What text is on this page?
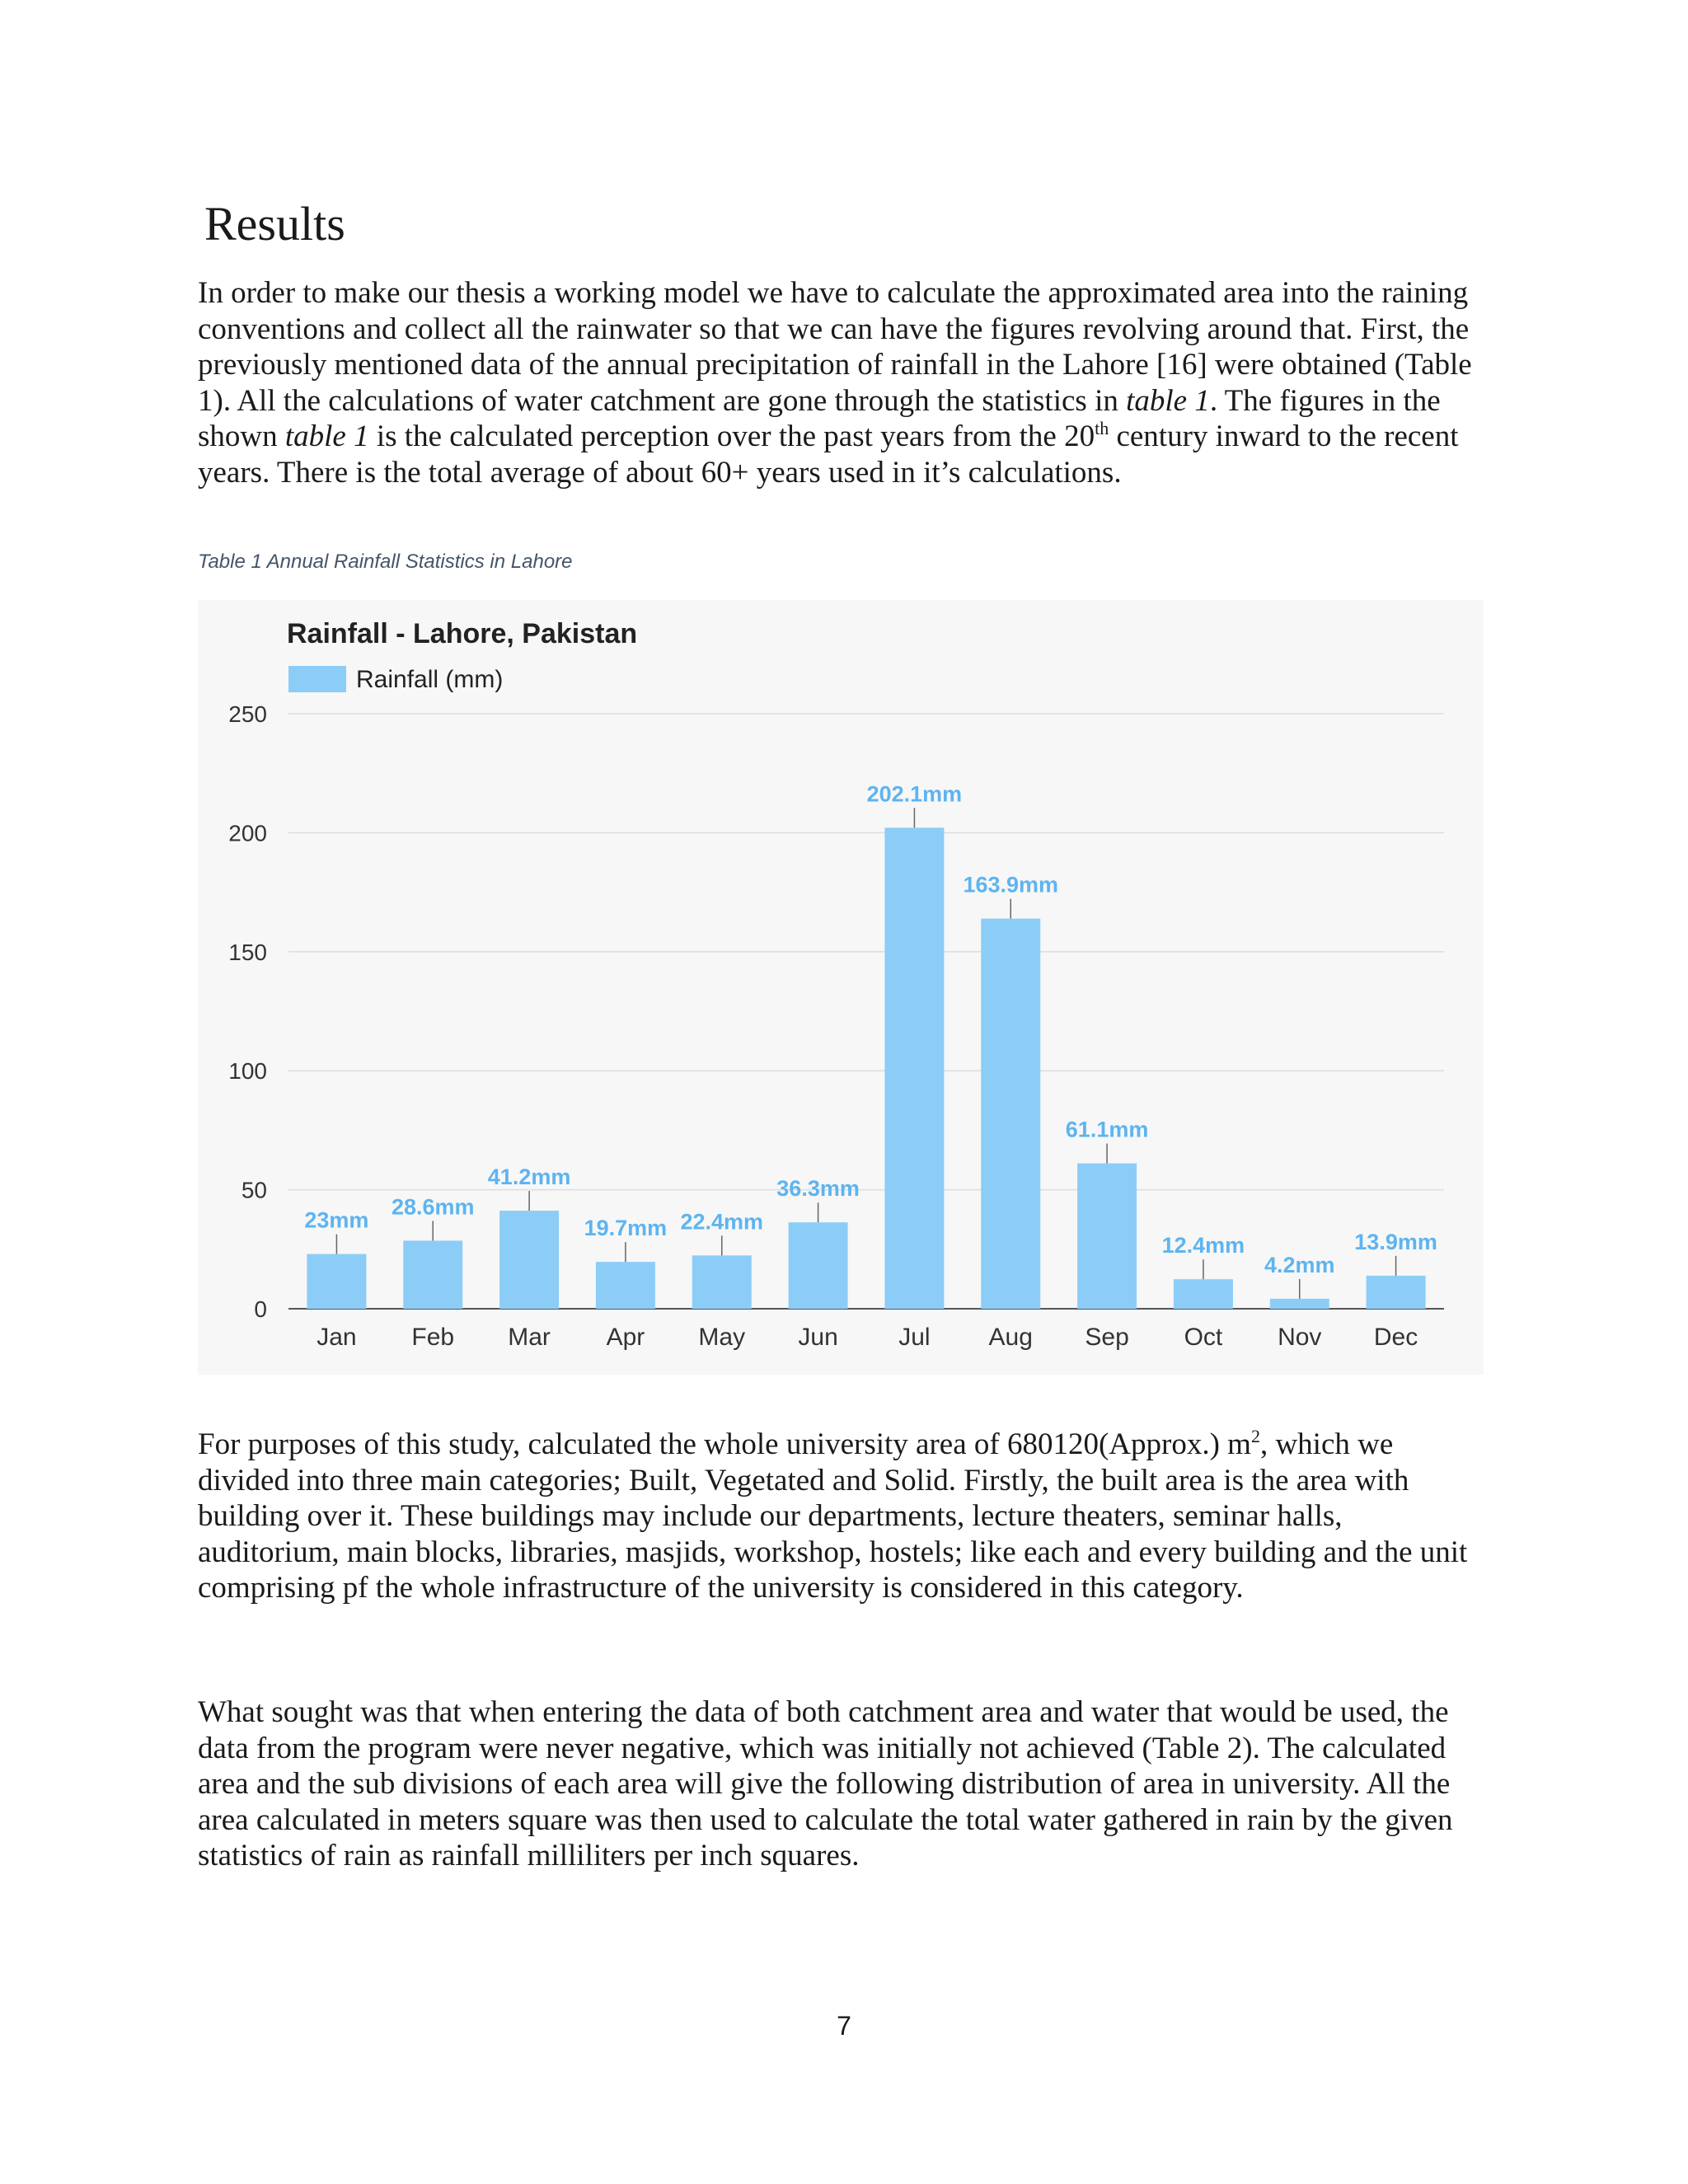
Results

In order to make our thesis a working model we have to calculate the approximated area into the raining conventions and collect all the rainwater so that we can have the figures revolving around that. First, the previously mentioned data of the annual precipitation of rainfall in the Lahore [16] were obtained (Table 1). All the calculations of water catchment are gone through the statistics in table 1. The figures in the shown table 1 is the calculated perception over the past years from the 20th century inward to the recent years. There is the total average of about 60+ years used in it’s calculations.

Table 1 Annual Rainfall Statistics in Lahore

Rainfall - Lahore, Pakistan
Rainfall (mm)
0
50
100
150
200
250
23mm
Jan
28.6mm
Feb
41.2mm
Mar
19.7mm
Apr
22.4mm
May
36.3mm
Jun
202.1mm
Jul
163.9mm
Aug
61.1mm
Sep
12.4mm
Oct
4.2mm
Nov
13.9mm
Dec

For purposes of this study, calculated the whole university area of 680120(Approx.) $m^2$, which we divided into three main categories; Built, Vegetated and Solid. Firstly, the built area is the area with building over it. These buildings may include our departments, lecture theaters, seminar halls, auditorium, main blocks, libraries, masjids, workshop, hostels; like each and every building and the unit comprising pf the whole infrastructure of the university is considered in this category.

What sought was that when entering the data of both catchment area and water that would be used, the data from the program were never negative, which was initially not achieved (Table 2). The calculated area and the sub divisions of each area will give the following distribution of area in university. All the area calculated in meters square was then used to calculate the total water gathered in rain by the given statistics of rain as rainfall milliliters per inch squares.

7
